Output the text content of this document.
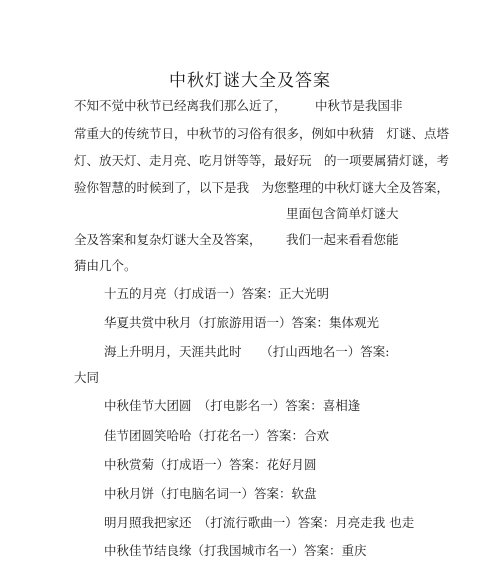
中秋灯谜大全及答案
不知不觉中秋节已经离我们那么近了， 中秋节是我国非
常重大的传统节日，中秋节的习俗有很多，例如中秋猜　灯谜、点塔
灯、放天灯、走月亮、吃月饼等等，最好玩　的一项要属猜灯谜，考
验你智慧的时候到了，以下是我　为您整理的中秋灯谜大全及答案，
里面包含简单灯谜大
全及答案和复杂灯谜大全及答案， 我们一起来看看您能
猜由几个。
十五的月亮（打成语一）答案：正大光明
华夏共赏中秋月（打旅游用语一）答案：集体观光
海上升明月，天涯共此时　　（打山西地名一）答案:
大同
中秋佳节大团圆　（打电影名一）答案：喜相逢
佳节团圆笑哈哈（打花名一）答案：合欢
中秋赏菊（打成语一）答案：花好月圆
中秋月饼（打电脑名词一）答案：软盘
明月照我把家还　（打流行歌曲一）答案：月亮走我 也走
中秋佳节结良缘（打我国城市名一）答案：重庆
